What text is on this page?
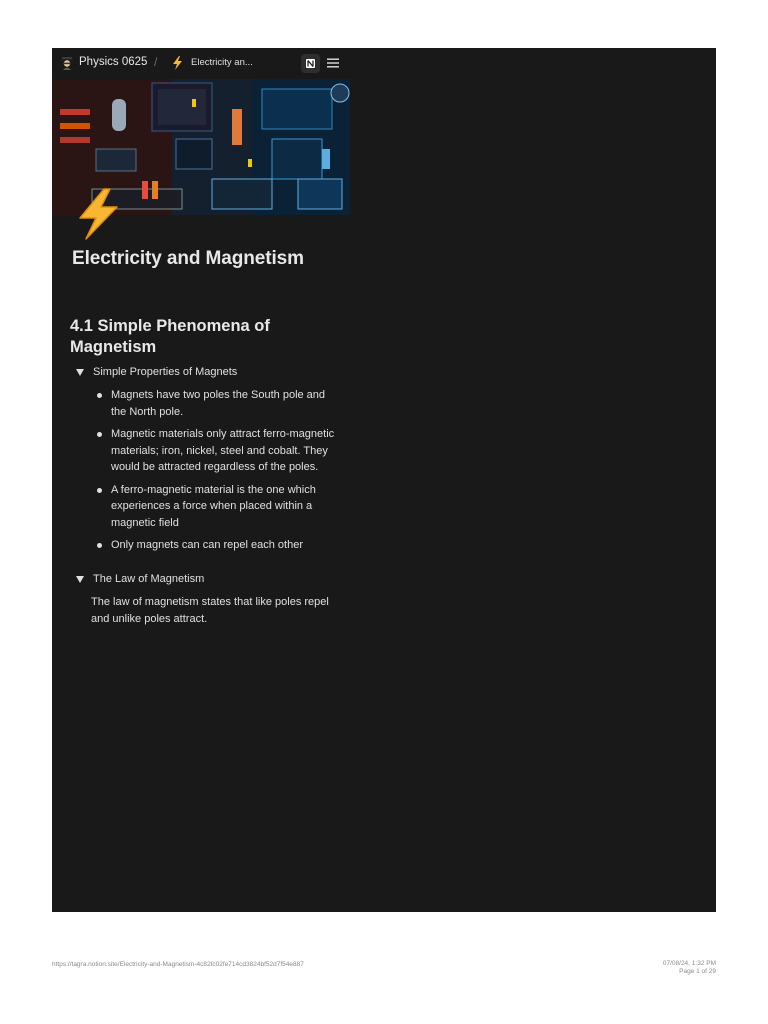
Physics 0625 /	Electricity an...
Electricity and Magnetism
4.1 Simple Phenomena of Magnetism
Simple Properties of Magnets
Magnets have two poles the South pole and the North pole.
Magnetic materials only attract ferro-magnetic materials; iron, nickel, steel and cobalt. They would be attracted regardless of the poles.
A ferro-magnetic material is the one which experiences a force when placed within a magnetic field
Only magnets can can repel each other
The Law of Magnetism

The law of magnetism states that like poles repel and unlike poles attract.

https://tagra.notion.site/Electricity-and-Magnetism-4c82fc02fe714cd3824bf52d7f54e887	07/08/24, 1:32 PM
Page 1 of 29
